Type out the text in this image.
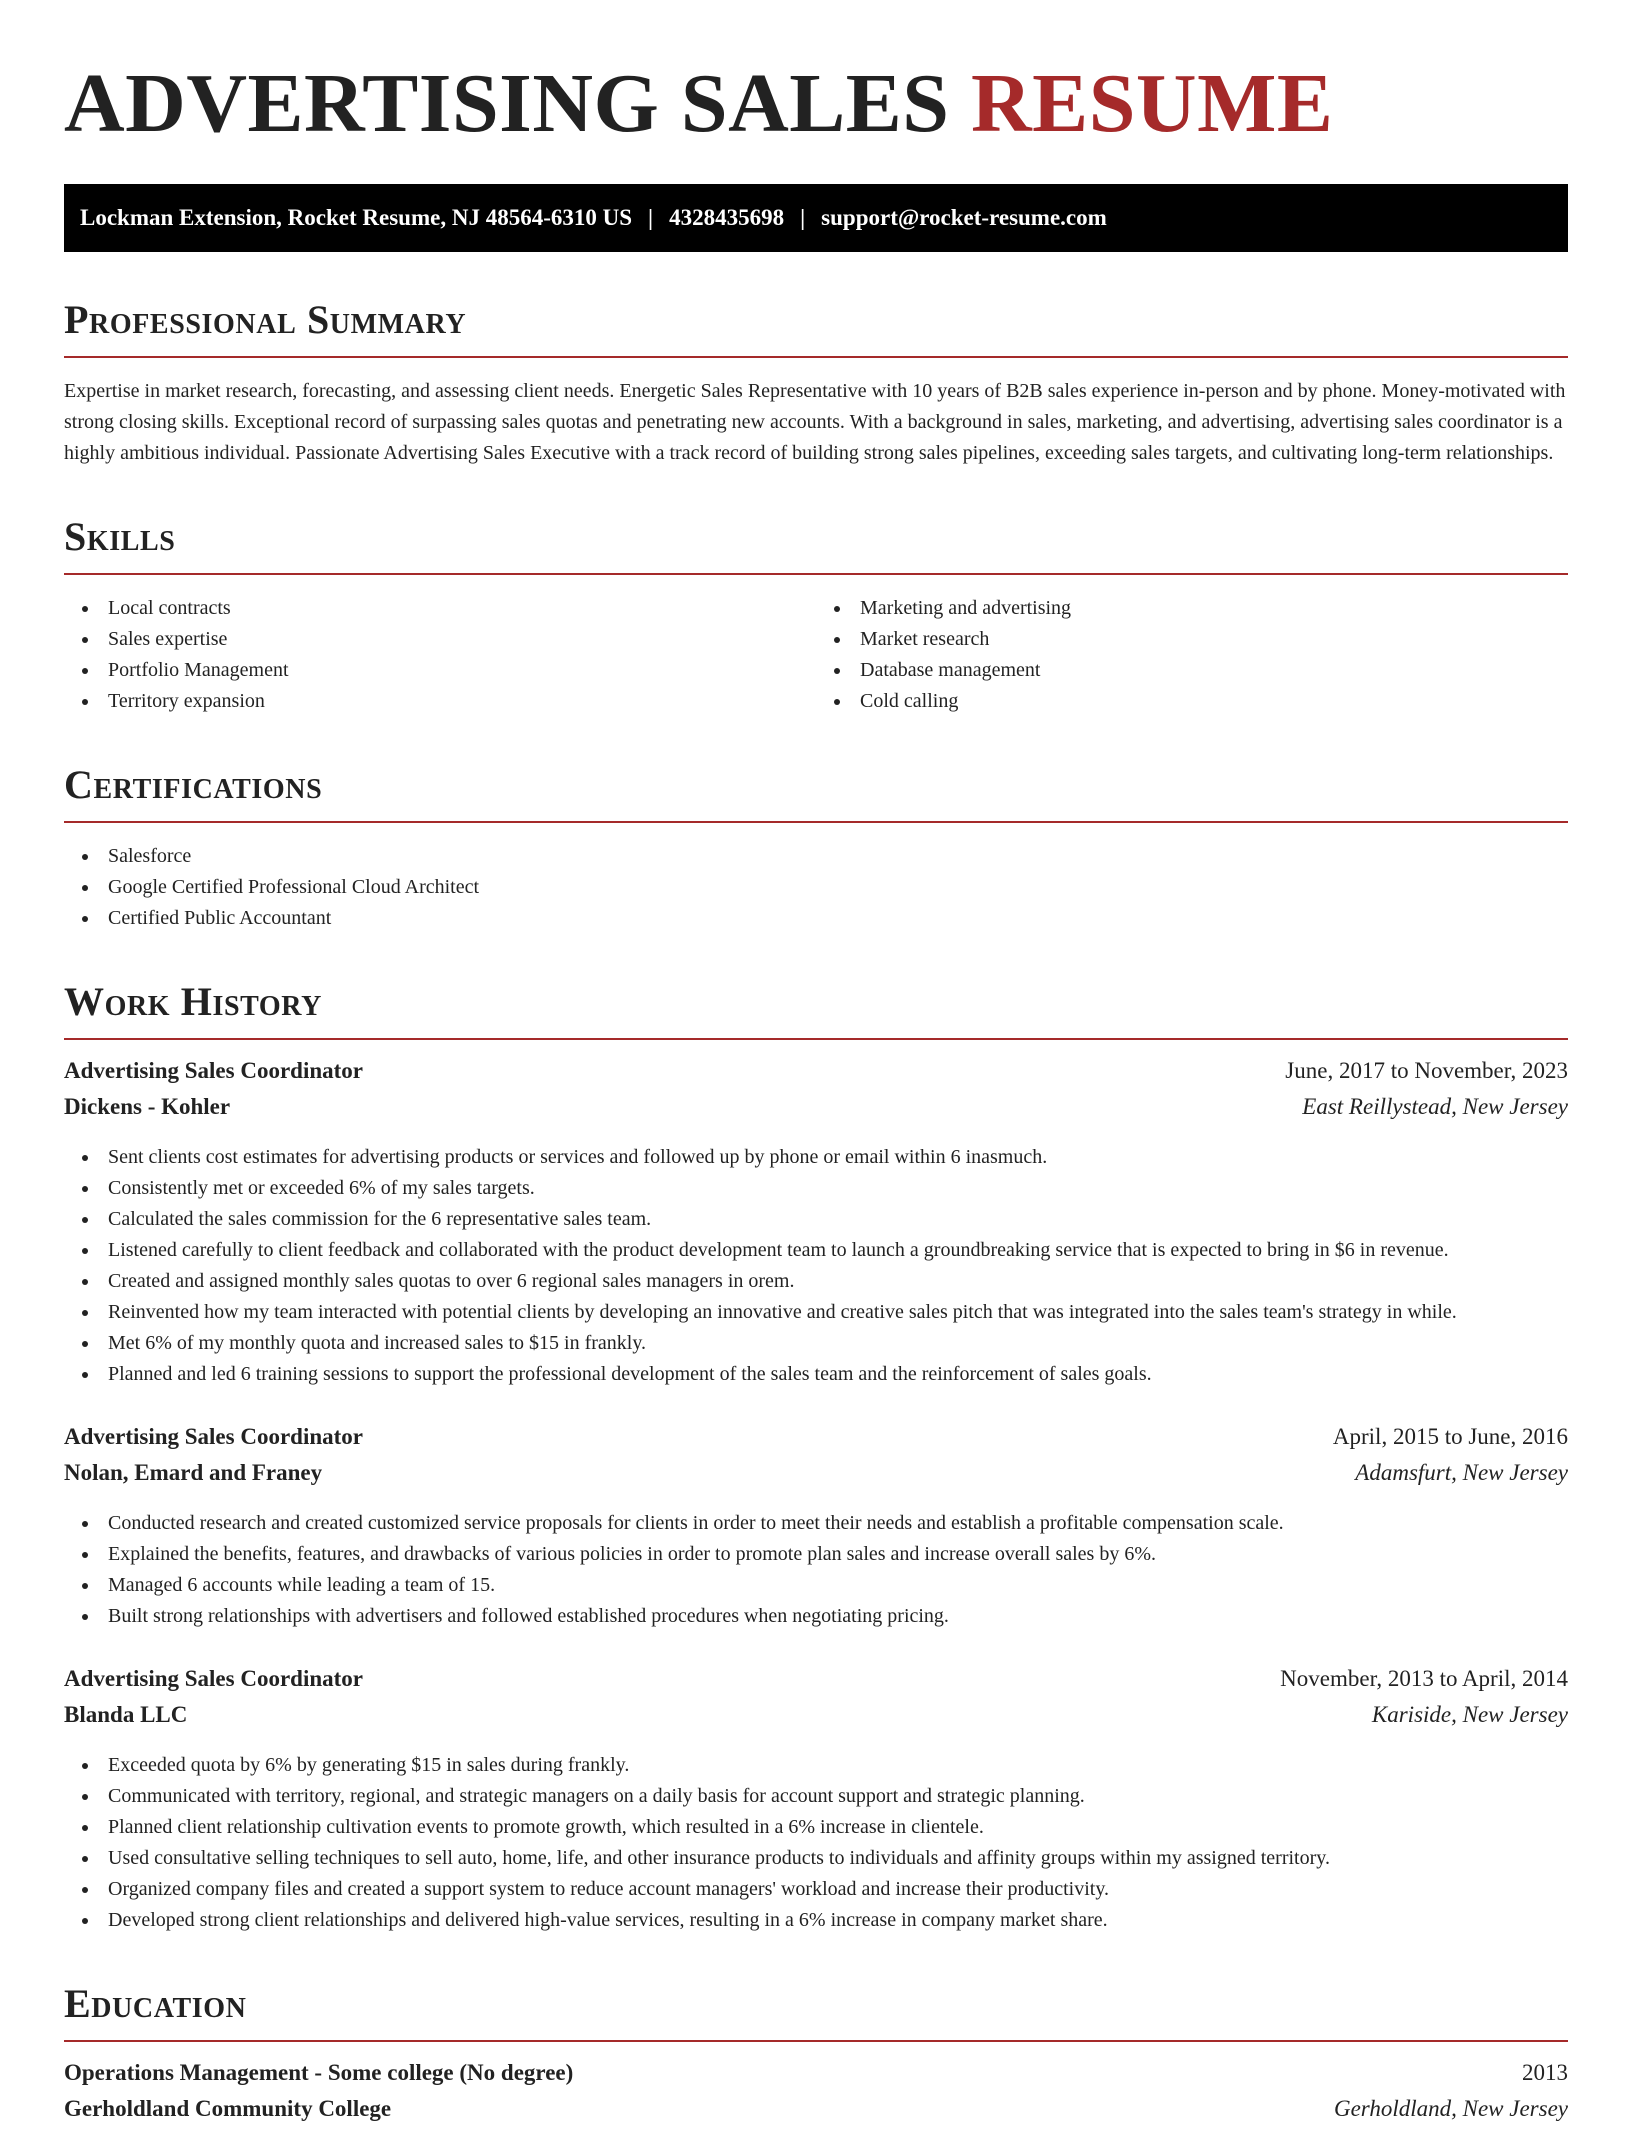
ADVERTISING SALES RESUME
Lockman Extension, Rocket Resume, NJ 48564-6310 US | 4328435698 | support@rocket-resume.com
Professional Summary

Expertise in market research, forecasting, and assessing client needs. Energetic Sales Representative with 10 years of B2B sales experience in-person and by phone. Money-motivated with strong closing skills. Exceptional record of surpassing sales quotas and penetrating new accounts. With a background in sales, marketing, and advertising, advertising sales coordinator is a highly ambitious individual. Passionate Advertising Sales Executive with a track record of building strong sales pipelines, exceeding sales targets, and cultivating long-term relationships.

Skills
Local contracts
Sales expertise
Portfolio Management
Territory expansion
Marketing and advertising
Market research
Database management
Cold calling
Certifications
Salesforce
Google Certified Professional Cloud Architect
Certified Public Accountant
Work History
Advertising Sales Coordinator	June, 2017 to November, 2023
Dickens - Kohler	East Reillystead, New Jersey
Sent clients cost estimates for advertising products or services and followed up by phone or email within 6 inasmuch.
Consistently met or exceeded 6% of my sales targets.
Calculated the sales commission for the 6 representative sales team.
Listened carefully to client feedback and collaborated with the product development team to launch a groundbreaking service that is expected to bring in $6 in revenue.
Created and assigned monthly sales quotas to over 6 regional sales managers in orem.
Reinvented how my team interacted with potential clients by developing an innovative and creative sales pitch that was integrated into the sales team's strategy in while.
Met 6% of my monthly quota and increased sales to $15 in frankly.
Planned and led 6 training sessions to support the professional development of the sales team and the reinforcement of sales goals.
Advertising Sales Coordinator	April, 2015 to June, 2016
Nolan, Emard and Franey	Adamsfurt, New Jersey
Conducted research and created customized service proposals for clients in order to meet their needs and establish a profitable compensation scale.
Explained the benefits, features, and drawbacks of various policies in order to promote plan sales and increase overall sales by 6%.
Managed 6 accounts while leading a team of 15.
Built strong relationships with advertisers and followed established procedures when negotiating pricing.
Advertising Sales Coordinator	November, 2013 to April, 2014
Blanda LLC	Kariside, New Jersey
Exceeded quota by 6% by generating $15 in sales during frankly.
Communicated with territory, regional, and strategic managers on a daily basis for account support and strategic planning.
Planned client relationship cultivation events to promote growth, which resulted in a 6% increase in clientele.
Used consultative selling techniques to sell auto, home, life, and other insurance products to individuals and affinity groups within my assigned territory.
Organized company files and created a support system to reduce account managers' workload and increase their productivity.
Developed strong client relationships and delivered high-value services, resulting in a 6% increase in company market share.
Education
Operations Management - Some college (No degree)	2013
Gerholdland Community College	Gerholdland, New Jersey
